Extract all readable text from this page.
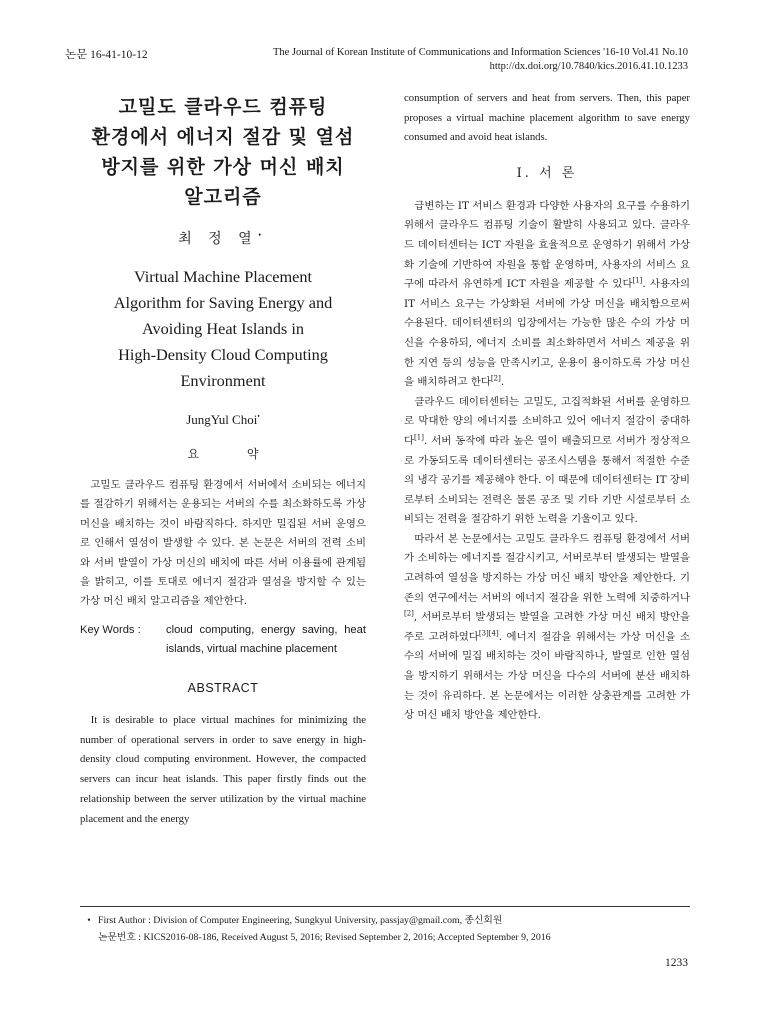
논문 16-41-10-12	The Journal of Korean Institute of Communications and Information Sciences '16-10 Vol.41 No.10
http://dx.doi.org/10.7840/kics.2016.41.10.1233
고밀도 클라우드 컴퓨팅
환경에서 에너지 절감 및 열섬
방지를 위한 가상 머신 배치
알고리즘
최 정 열•
Virtual Machine Placement
Algorithm for Saving Energy and
Avoiding Heat Islands in
High-Density Cloud Computing
Environment
JungYul Choi•
요 약
고밀도 클라우드 컴퓨팅 환경에서 서버에서 소비되는 에너지를 절감하기 위해서는 운용되는 서버의 수를 최소화하도록 가상 머신을 배치하는 것이 바람직하다. 하지만 밀집된 서버 운영으로 인해서 열섬이 발생할 수 있다. 본 논문은 서버의 전력 소비와 서버 발열이 가상 머신의 배치에 따른 서버 이용률에 관계됨을 밝히고, 이를 토대로 에너지 절감과 열섬을 방지할 수 있는 가상 머신 배치 알고리즘을 제안한다.
Key Words :	cloud computing, energy saving, heat islands, virtual machine placement
ABSTRACT
It is desirable to place virtual machines for minimizing the number of operational servers in order to save energy in high-density cloud computing environment. However, the compacted servers can incur heat islands. This paper firstly finds out the relationship between the server utilization by the virtual machine placement and the energy
consumption of servers and heat from servers. Then, this paper proposes a virtual machine placement algorithm to save energy consumed and avoid heat islands.
Ⅰ. 서 론

급변하는 IT 서비스 환경과 다양한 사용자의 요구를 수용하기 위해서 클라우드 컴퓨팅 기술이 활발히 사용되고 있다. 클라우드 데이터센터는 ICT 자원을 효율적으로 운영하기 위해서 가상화 기술에 기반하여 자원을 통합 운영하며, 사용자의 서비스 요구에 따라서 유연하게 ICT 자원을 제공할 수 있다[1]. 사용자의 IT 서비스 요구는 가상화된 서버에 가상 머신을 배치함으로써 수용된다. 데이터센터의 입장에서는 가능한 많은 수의 가상 머신을 수용하되, 에너지 소비를 최소화하면서 서비스 제공을 위한 지연 등의 성능을 만족시키고, 운용이 용이하도록 가상 머신을 배치하려고 한다[2].

클라우드 데이터센터는 고밀도, 고집적화된 서버를 운영하므로 막대한 양의 에너지를 소비하고 있어 에너지 절감이 중대하다[1]. 서버 동작에 따라 높은 열이 배출되므로 서버가 정상적으로 가동되도록 데이터센터는 공조시스템을 통해서 적절한 수준의 냉각 공기를 제공해야 한다. 이 때문에 데이터센터는 IT 장비로부터 소비되는 전력은 물론 공조 및 기타 기반 시설로부터 소비되는 전력을 절감하기 위한 노력을 기울이고 있다.

따라서 본 논문에서는 고밀도 클라우드 컴퓨팅 환경에서 서버가 소비하는 에너지를 절감시키고, 서버로부터 발생되는 발열을 고려하여 열섬을 방지하는 가상 머신 배치 방안을 제안한다. 기존의 연구에서는 서버의 에너지 절감을 위한 노력에 치중하거나[2], 서버로부터 발생되는 발열을 고려한 가상 머신 배치 방안을 주로 고려하였다[3][4]. 에너지 절감을 위해서는 가상 머신을 소수의 서버에 밀집 배치하는 것이 바람직하나, 발열로 인한 열섬을 방지하기 위해서는 가상 머신을 다수의 서버에 분산 배치하는 것이 유리하다. 본 논문에서는 이러한 상충관계를 고려한 가상 머신 배치 방안을 제안한다.

• First Author : Division of Computer Engineering, Sungkyul University, passjay@gmail.com, 종신회원
논문번호 : KICS2016-08-186, Received August 5, 2016; Revised September 2, 2016; Accepted September 9, 2016
1233
